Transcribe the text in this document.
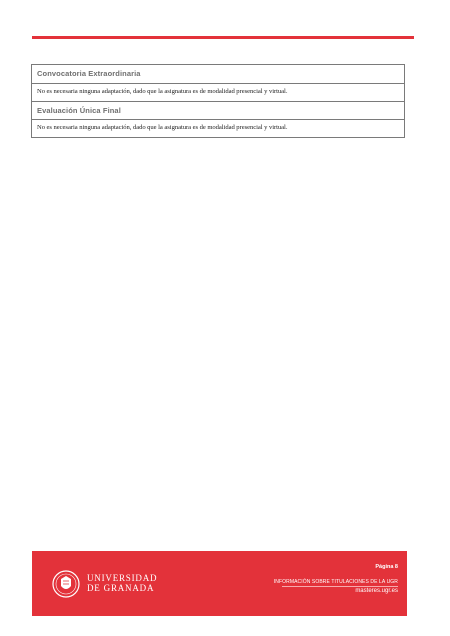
Convocatoria Extraordinaria
No es necesaria ninguna adaptación, dado que la asignatura es de modalidad presencial y virtual.
Evaluación Única Final
No es necesaria ninguna adaptación, dado que la asignatura es de modalidad presencial y virtual.
UNIVERSIDAD
DE GRANADA
Página 8
INFORMACIÓN SOBRE TITULACIONES DE LA UGR
masteres.ugr.es
